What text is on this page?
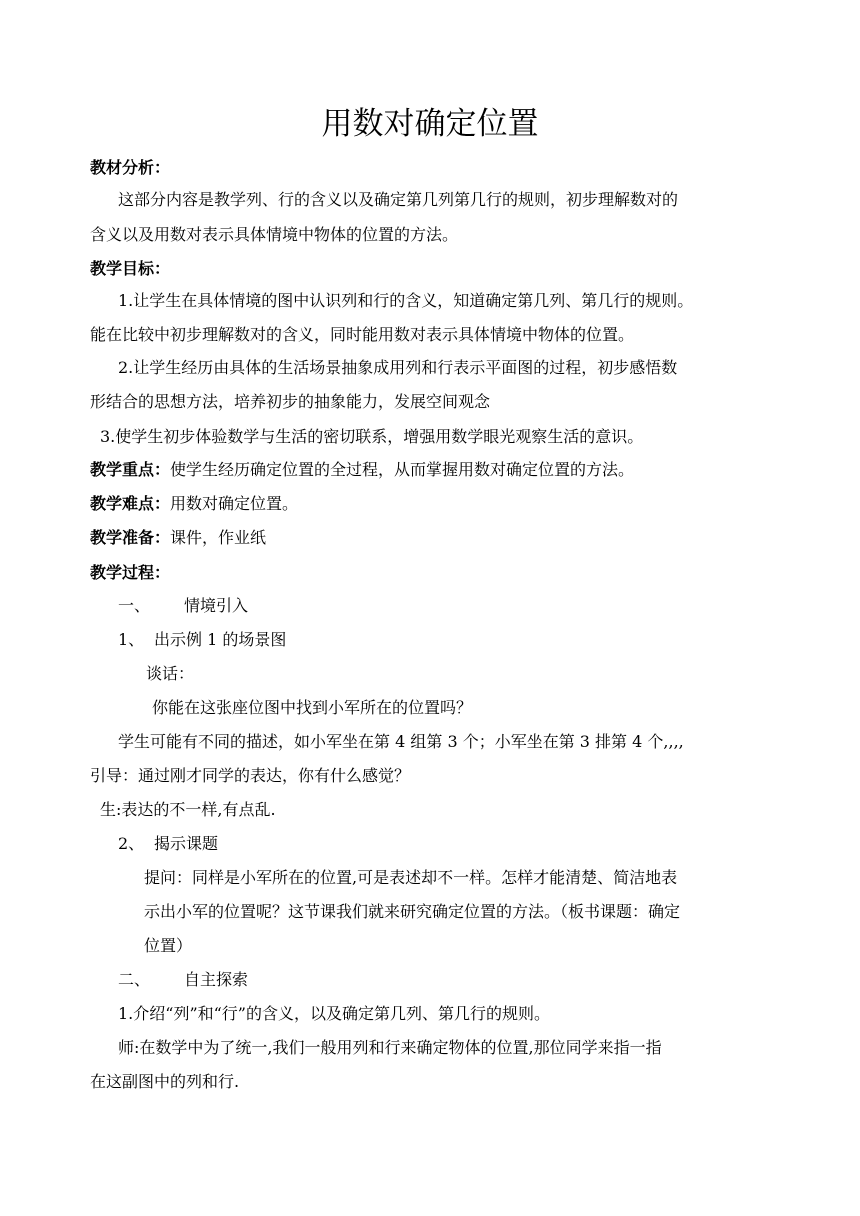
用数对确定位置
教材分析：
这部分内容是教学列、行的含义以及确定第几列第几行的规则，初步理解数对的
含义以及用数对表示具体情境中物体的位置的方法。
教学目标：
1.让学生在具体情境的图中认识列和行的含义，知道确定第几列、第几行的规则。
能在比较中初步理解数对的含义，同时能用数对表示具体情境中物体的位置。
2.让学生经历由具体的生活场景抽象成用列和行表示平面图的过程，初步感悟数
形结合的思想方法，培养初步的抽象能力，发展空间观念
3.使学生初步体验数学与生活的密切联系，增强用数学眼光观察生活的意识。
教学重点：使学生经历确定位置的全过程，从而掌握用数对确定位置的方法。
教学难点：用数对确定位置。
教学准备：课件，作业纸
教学过程：
一、 情境引入
1、 出示例 1 的场景图
谈话：
你能在这张座位图中找到小军所在的位置吗？
学生可能有不同的描述，如小军坐在第 4 组第 3 个；小军坐在第 3 排第 4 个,,,,
引导：通过刚才同学的表达，你有什么感觉？
生:表达的不一样,有点乱.
2、 揭示课题
提问：同样是小军所在的位置,可是表述却不一样。怎样才能清楚、简洁地表
示出小军的位置呢？这节课我们就来研究确定位置的方法。（板书课题：确定
位置）
二、 自主探索
1.介绍“列”和“行”的含义，以及确定第几列、第几行的规则。
师:在数学中为了统一,我们一般用列和行来确定物体的位置,那位同学来指一指
在这副图中的列和行.
